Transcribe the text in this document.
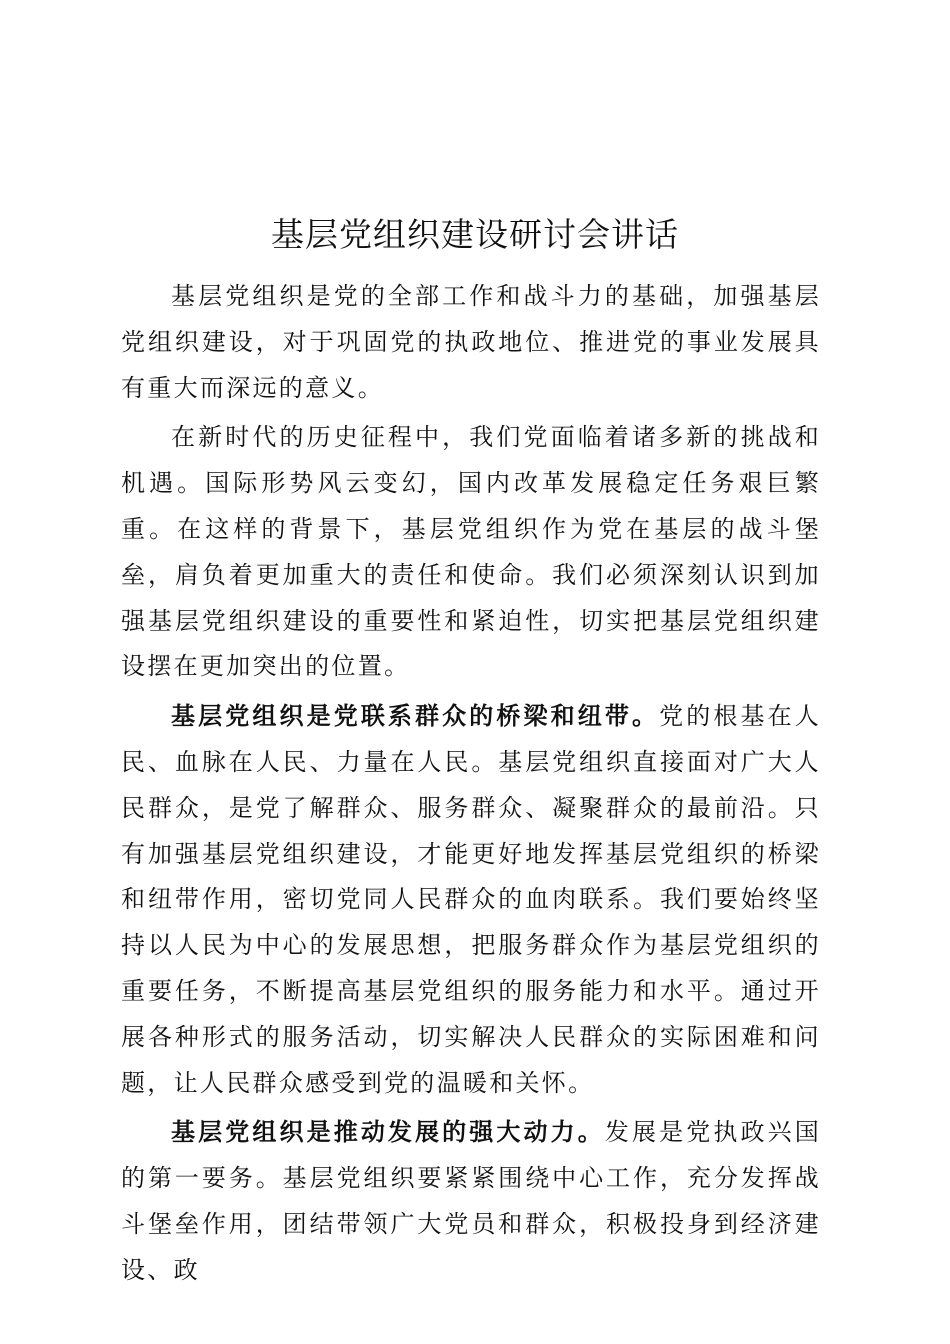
基层党组织建设研讨会讲话

基层党组织是党的全部工作和战斗力的基础，加强基层党组织建设，对于巩固党的执政地位、推进党的事业发展具有重大而深远的意义。

在新时代的历史征程中，我们党面临着诸多新的挑战和机遇。国际形势风云变幻，国内改革发展稳定任务艰巨繁重。在这样的背景下，基层党组织作为党在基层的战斗堡垒，肩负着更加重大的责任和使命。我们必须深刻认识到加强基层党组织建设的重要性和紧迫性，切实把基层党组织建设摆在更加突出的位置。

基层党组织是党联系群众的桥梁和纽带。党的根基在人民、血脉在人民、力量在人民。基层党组织直接面对广大人民群众，是党了解群众、服务群众、凝聚群众的最前沿。只有加强基层党组织建设，才能更好地发挥基层党组织的桥梁和纽带作用，密切党同人民群众的血肉联系。我们要始终坚持以人民为中心的发展思想，把服务群众作为基层党组织的重要任务，不断提高基层党组织的服务能力和水平。通过开展各种形式的服务活动，切实解决人民群众的实际困难和问题，让人民群众感受到党的温暖和关怀。

基层党组织是推动发展的强大动力。发展是党执政兴国的第一要务。基层党组织要紧紧围绕中心工作，充分发挥战斗堡垒作用，团结带领广大党员和群众，积极投身到经济建设、政
